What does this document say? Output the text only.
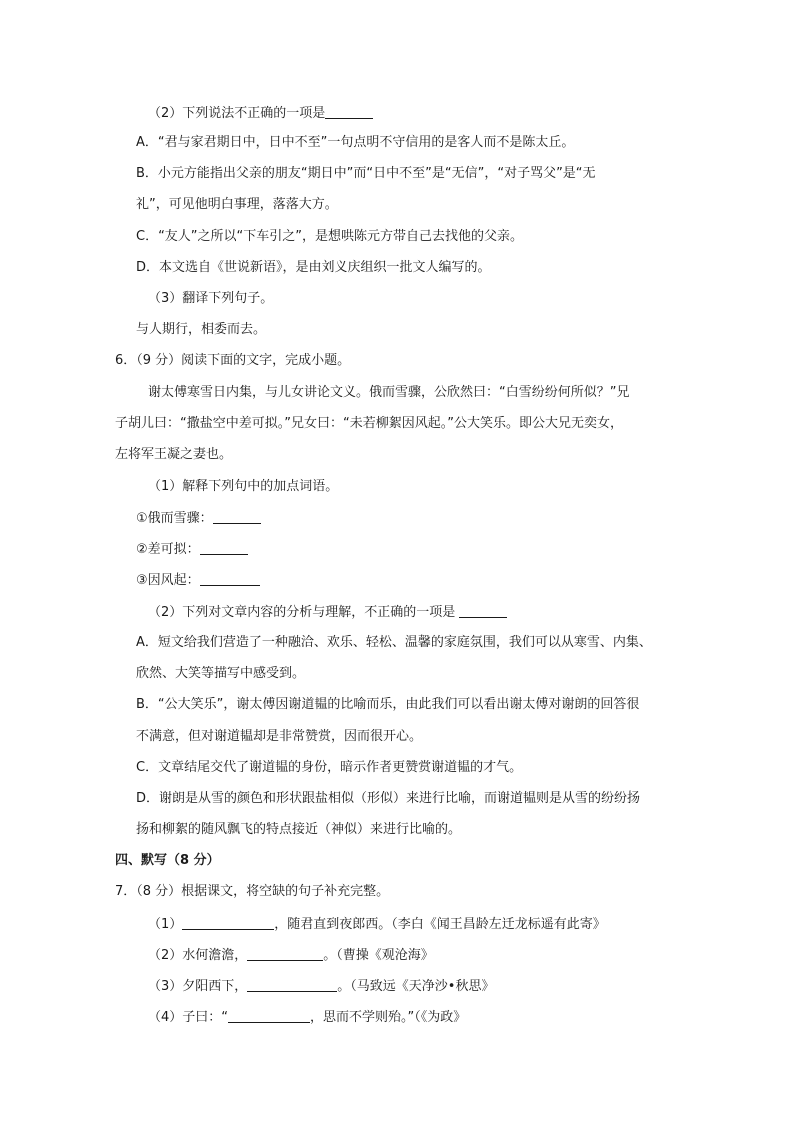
（2）下列说法不正确的一项是
A．“君与家君期日中，日中不至”一句点明不守信用的是客人而不是陈太丘。
B．小元方能指出父亲的朋友“期日中”而“日中不至”是“无信”，“对子骂父”是“无
礼”，可见他明白事理，落落大方。
C．“友人”之所以“下车引之”，是想哄陈元方带自己去找他的父亲。
D．本文选自《世说新语》，是由刘义庆组织一批文人编写的。
（3）翻译下列句子。
与人期行，相委而去。
6．（9 分）阅读下面的文字，完成小题。
谢太傅寒雪日内集，与儿女讲论文义。俄而雪骤，公欣然曰：“白雪纷纷何所似？”兄
子胡儿曰：“撒盐空中差可拟。”兄女曰：“未若柳絮因风起。”公大笑乐。即公大兄无奕女，
左将军王凝之妻也。
（1）解释下列句中的加点词语。
①俄而雪骤：
②差可拟：
③因风起：
（2）下列对文章内容的分析与理解，不正确的一项是
A．短文给我们营造了一种融洽、欢乐、轻松、温馨的家庭氛围，我们可以从寒雪、内集、
欣然、大笑等描写中感受到。
B．“公大笑乐”，谢太傅因谢道韫的比喻而乐，由此我们可以看出谢太傅对谢朗的回答很
不满意，但对谢道韫却是非常赞赏，因而很开心。
C．文章结尾交代了谢道韫的身份，暗示作者更赞赏谢道韫的才气。
D．谢朗是从雪的颜色和形状跟盐相似（形似）来进行比喻，而谢道韫则是从雪的纷纷扬
扬和柳絮的随风飘飞的特点接近（神似）来进行比喻的。
四、默写（8 分）
7．（8 分）根据课文，将空缺的句子补充完整。
（1）	，随君直到夜郎西。（李白《闻王昌龄左迁龙标遥有此寄》
（2）水何澹澹，	。（曹操《观沧海》
（3）夕阳西下，	。（马致远《天净沙•秋思》
（4）子曰：“	，思而不学则殆。”（《为政》
